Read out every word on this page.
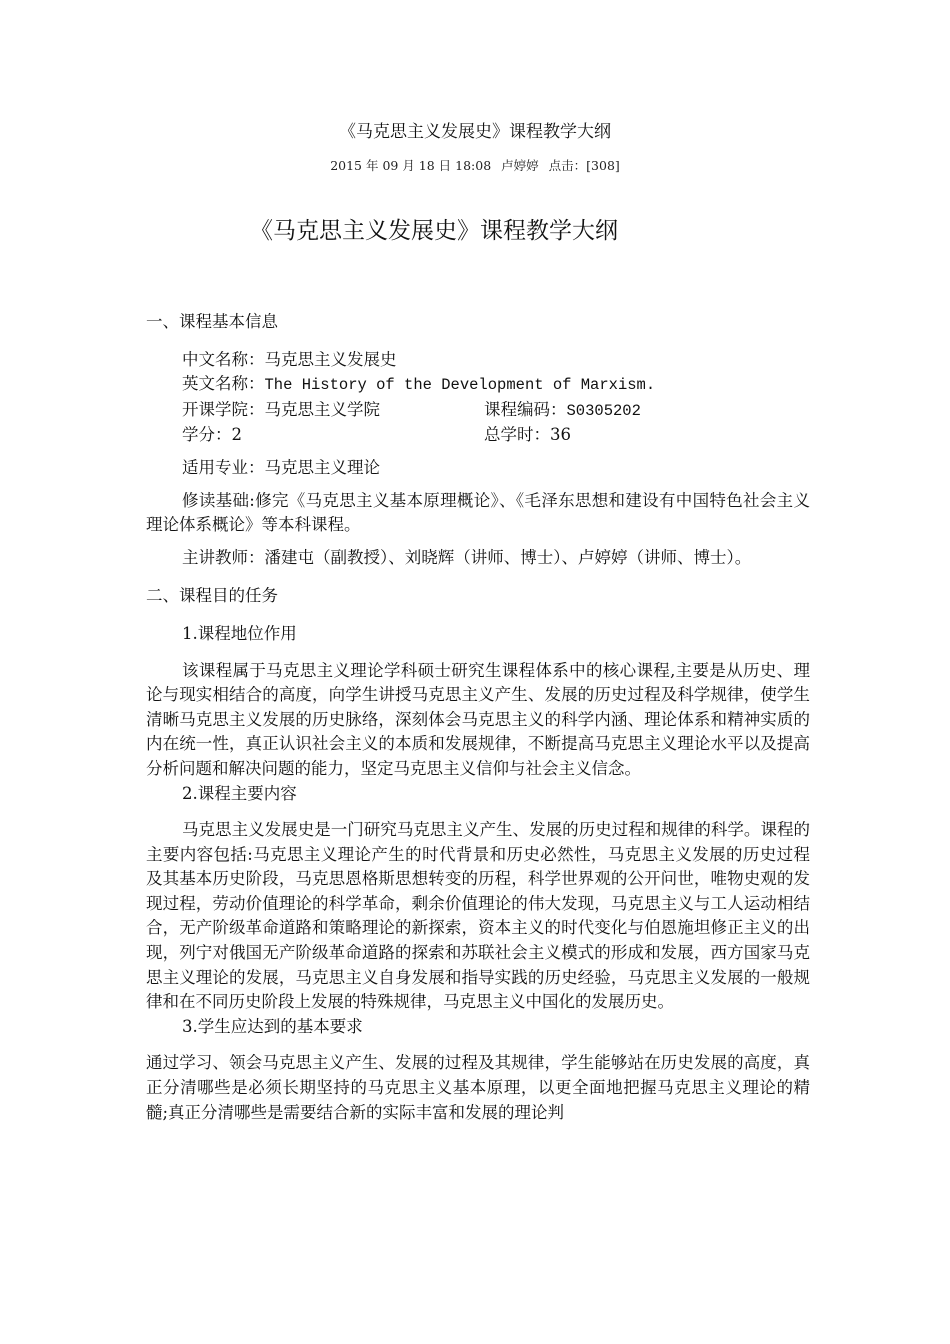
《马克思主义发展史》课程教学大纲
2015 年 09 月 18 日 18:08 卢婷婷 点击：[308]
《马克思主义发展史》课程教学大纲

一、课程基本信息

中文名称：马克思主义发展史

英文名称：The History of the Development of Marxism.

开课学院：马克思主义学院	课程编码：S0305202
学分：2	总学时：36

适用专业：马克思主义理论

修读基础:修完《马克思主义基本原理概论》、《毛泽东思想和建设有中国特色社会主义理论体系概论》等本科课程。

主讲教师：潘建屯（副教授）、刘晓辉（讲师、博士）、卢婷婷（讲师、博士）。

二、课程目的任务

1.课程地位作用

该课程属于马克思主义理论学科硕士研究生课程体系中的核心课程,主要是从历史、理论与现实相结合的高度，向学生讲授马克思主义产生、发展的历史过程及科学规律，使学生清晰马克思主义发展的历史脉络，深刻体会马克思主义的科学内涵、理论体系和精神实质的内在统一性，真正认识社会主义的本质和发展规律，不断提高马克思主义理论水平以及提高分析问题和解决问题的能力，坚定马克思主义信仰与社会主义信念。

2.课程主要内容

马克思主义发展史是一门研究马克思主义产生、发展的历史过程和规律的科学。课程的主要内容包括:马克思主义理论产生的时代背景和历史必然性，马克思主义发展的历史过程及其基本历史阶段，马克思恩格斯思想转变的历程，科学世界观的公开问世，唯物史观的发现过程，劳动价值理论的科学革命，剩余价值理论的伟大发现，马克思主义与工人运动相结合，无产阶级革命道路和策略理论的新探索，资本主义的时代变化与伯恩施坦修正主义的出现，列宁对俄国无产阶级革命道路的探索和苏联社会主义模式的形成和发展，西方国家马克思主义理论的发展，马克思主义自身发展和指导实践的历史经验，马克思主义发展的一般规律和在不同历史阶段上发展的特殊规律，马克思主义中国化的发展历史。

3.学生应达到的基本要求

通过学习、领会马克思主义产生、发展的过程及其规律，学生能够站在历史发展的高度，真正分清哪些是必须长期坚持的马克思主义基本原理，以更全面地把握马克思主义理论的精髓;真正分清哪些是需要结合新的实际丰富和发展的理论判
